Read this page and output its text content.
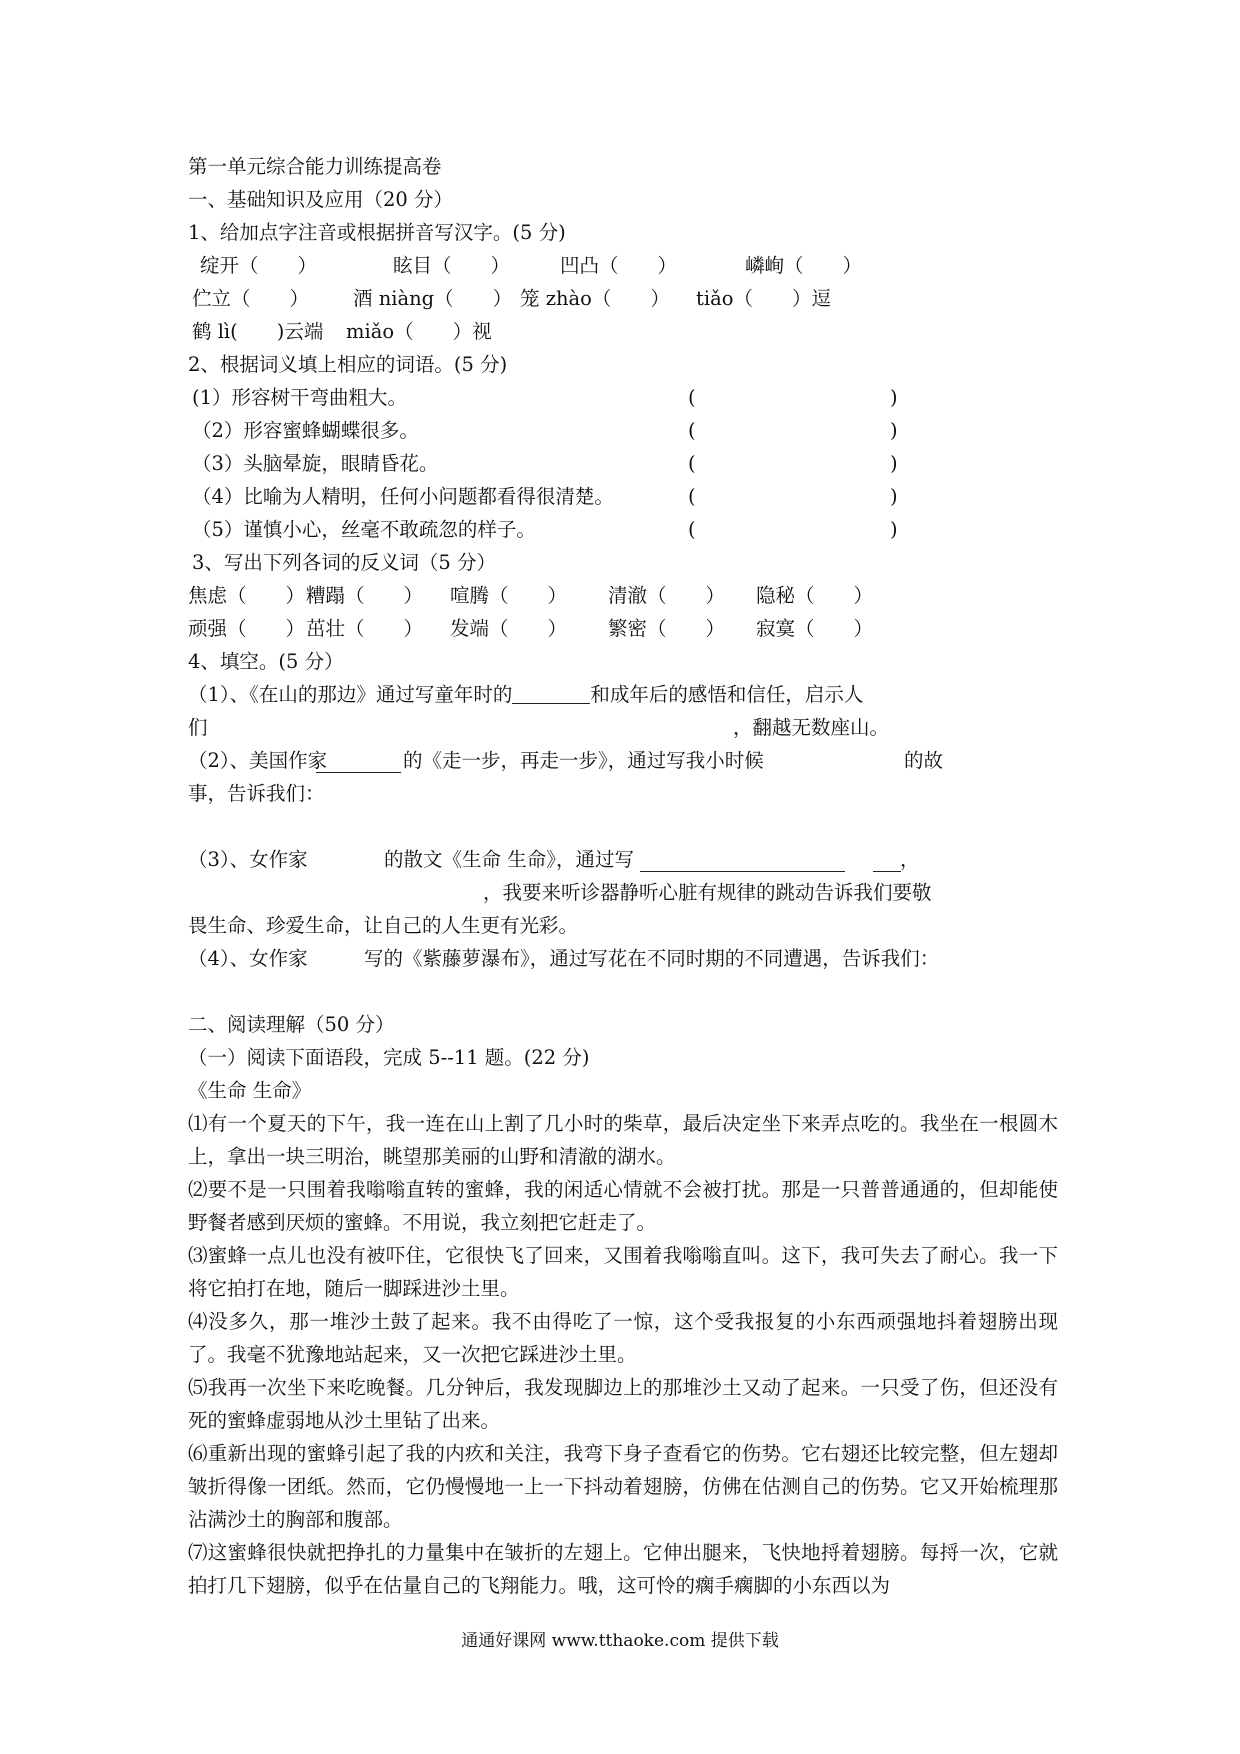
第一单元综合能力训练提高卷
一、基础知识及应用（20 分）
1、给加点字注音或根据拼音写汉字。(5 分)
绽开（　　）	眩目（　　）	凹凸（　　）	嶙峋（　　）
伫立（　　） 酒 niàng（　　） 笼 zhào（　　） tiǎo（　　）逗
鹤 lì(　　)云端 miǎo（　　）视
2、根据词义填上相应的词语。(5 分)
(1）形容树干弯曲粗大。	(	)
（2）形容蜜蜂蝴蝶很多。	(	)
（3）头脑晕旋，眼睛昏花。	(	)
（4）比喻为人精明，任何小问题都看得很清楚。	(	)
（5）谨慎小心，丝毫不敢疏忽的样子。	(	)
3、写出下列各词的反义词（5 分）
焦虑（　　） 糟蹋（　　） 喧腾（　　） 清澈（　　） 隐秘（　　）
顽强（　　） 茁壮（　　） 发端（　　） 繁密（　　） 寂寞（　　）
4、填空。(5 分）
（1）、《在山的那边》通过写童年时的	和成年后的感悟和信任，启示人
们	，翻越无数座山。
（2）、美国作家	的《走一步，再走一步》，通过写我小时候	的故
事，告诉我们：
（3）、女作家	的散文《生命 生命》，通过写	，
，我要来听诊器静听心脏有规律的跳动告诉我们要敬
畏生命、珍爱生命，让自己的人生更有光彩。
（4）、女作家	写的《紫藤萝瀑布》，通过写花在不同时期的不同遭遇，告诉我们：
二、阅读理解（50 分）
（一）阅读下面语段，完成 5--11 题。(22 分)
《生命 生命》
⑴有一个夏天的下午，我一连在山上割了几小时的柴草，最后决定坐下来弄点吃的。我坐在一根圆木上，拿出一块三明治，眺望那美丽的山野和清澈的湖水。
⑵要不是一只围着我嗡嗡直转的蜜蜂，我的闲适心情就不会被打扰。那是一只普普通通的，但却能使野餐者感到厌烦的蜜蜂。不用说，我立刻把它赶走了。
⑶蜜蜂一点儿也没有被吓住，它很快飞了回来，又围着我嗡嗡直叫。这下，我可失去了耐心。我一下将它拍打在地，随后一脚踩进沙土里。
⑷没多久，那一堆沙土鼓了起来。我不由得吃了一惊，这个受我报复的小东西顽强地抖着翅膀出现了。我毫不犹豫地站起来，又一次把它踩进沙土里。
⑸我再一次坐下来吃晚餐。几分钟后，我发现脚边上的那堆沙土又动了起来。一只受了伤，但还没有死的蜜蜂虚弱地从沙土里钻了出来。
⑹重新出现的蜜蜂引起了我的内疚和关注，我弯下身子查看它的伤势。它右翅还比较完整，但左翅却皱折得像一团纸。然而，它仍慢慢地一上一下抖动着翅膀，仿佛在估测自己的伤势。它又开始梳理那沾满沙土的胸部和腹部。
⑺这蜜蜂很快就把挣扎的力量集中在皱折的左翅上。它伸出腿来，飞快地捋着翅膀。每捋一次，它就拍打几下翅膀，似乎在估量自己的飞翔能力。哦，这可怜的瘸手瘸脚的小东西以为
通通好课网 www.tthaoke.com 提供下载
